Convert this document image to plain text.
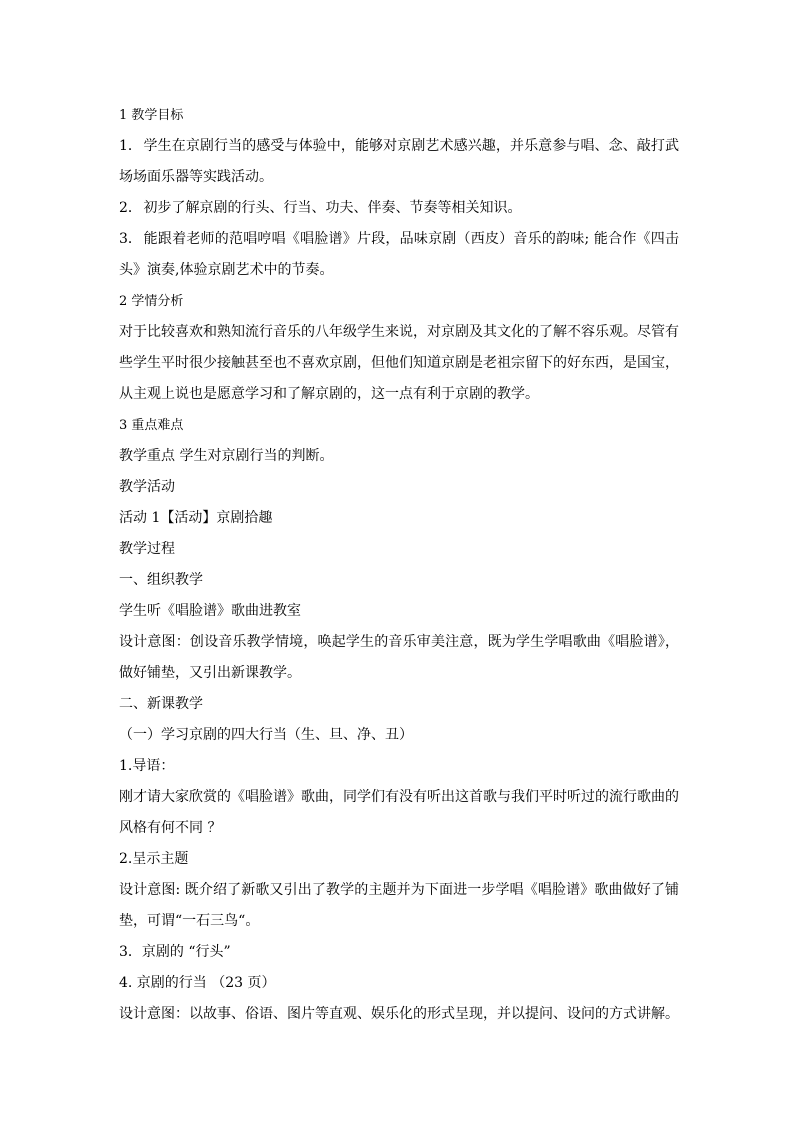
1 教学目标

1． 学生在京剧行当的感受与体验中，能够对京剧艺术感兴趣，并乐意参与唱、念、敲打武场场面乐器等实践活动。

2． 初步了解京剧的行头、行当、功夫、伴奏、节奏等相关知识。

3． 能跟着老师的范唱哼唱《唱脸谱》片段，品味京剧（西皮）音乐的韵味; 能合作《四击头》演奏,体验京剧艺术中的节奏。

2 学情分析

对于比较喜欢和熟知流行音乐的八年级学生来说，对京剧及其文化的了解不容乐观。尽管有些学生平时很少接触甚至也不喜欢京剧，但他们知道京剧是老祖宗留下的好东西，是国宝，从主观上说也是愿意学习和了解京剧的，这一点有利于京剧的教学。

3 重点难点
教学重点 学生对京剧行当的判断。
教学活动
活动 1【活动】京剧拾趣
教学过程
一、组织教学
学生听《唱脸谱》歌曲进教室

设计意图：创设音乐教学情境，唤起学生的音乐审美注意，既为学生学唱歌曲《唱脸谱》，做好铺垫，又引出新课教学。

二、新课教学
（一）学习京剧的四大行当（生、旦、净、丑）
1.导语：

刚才请大家欣赏的《唱脸谱》歌曲，同学们有没有听出这首歌与我们平时听过的流行歌曲的风格有何不同 ？

2.呈示主题

设计意图: 既介绍了新歌又引出了教学的主题并为下面进一步学唱《唱脸谱》歌曲做好了铺垫，可谓“一石三鸟“。

3．京剧的 “行头”
4. 京剧的行当 （23 页）
设计意图：以故事、俗语、图片等直观、娱乐化的形式呈现，并以提问、设问的方式讲解。
